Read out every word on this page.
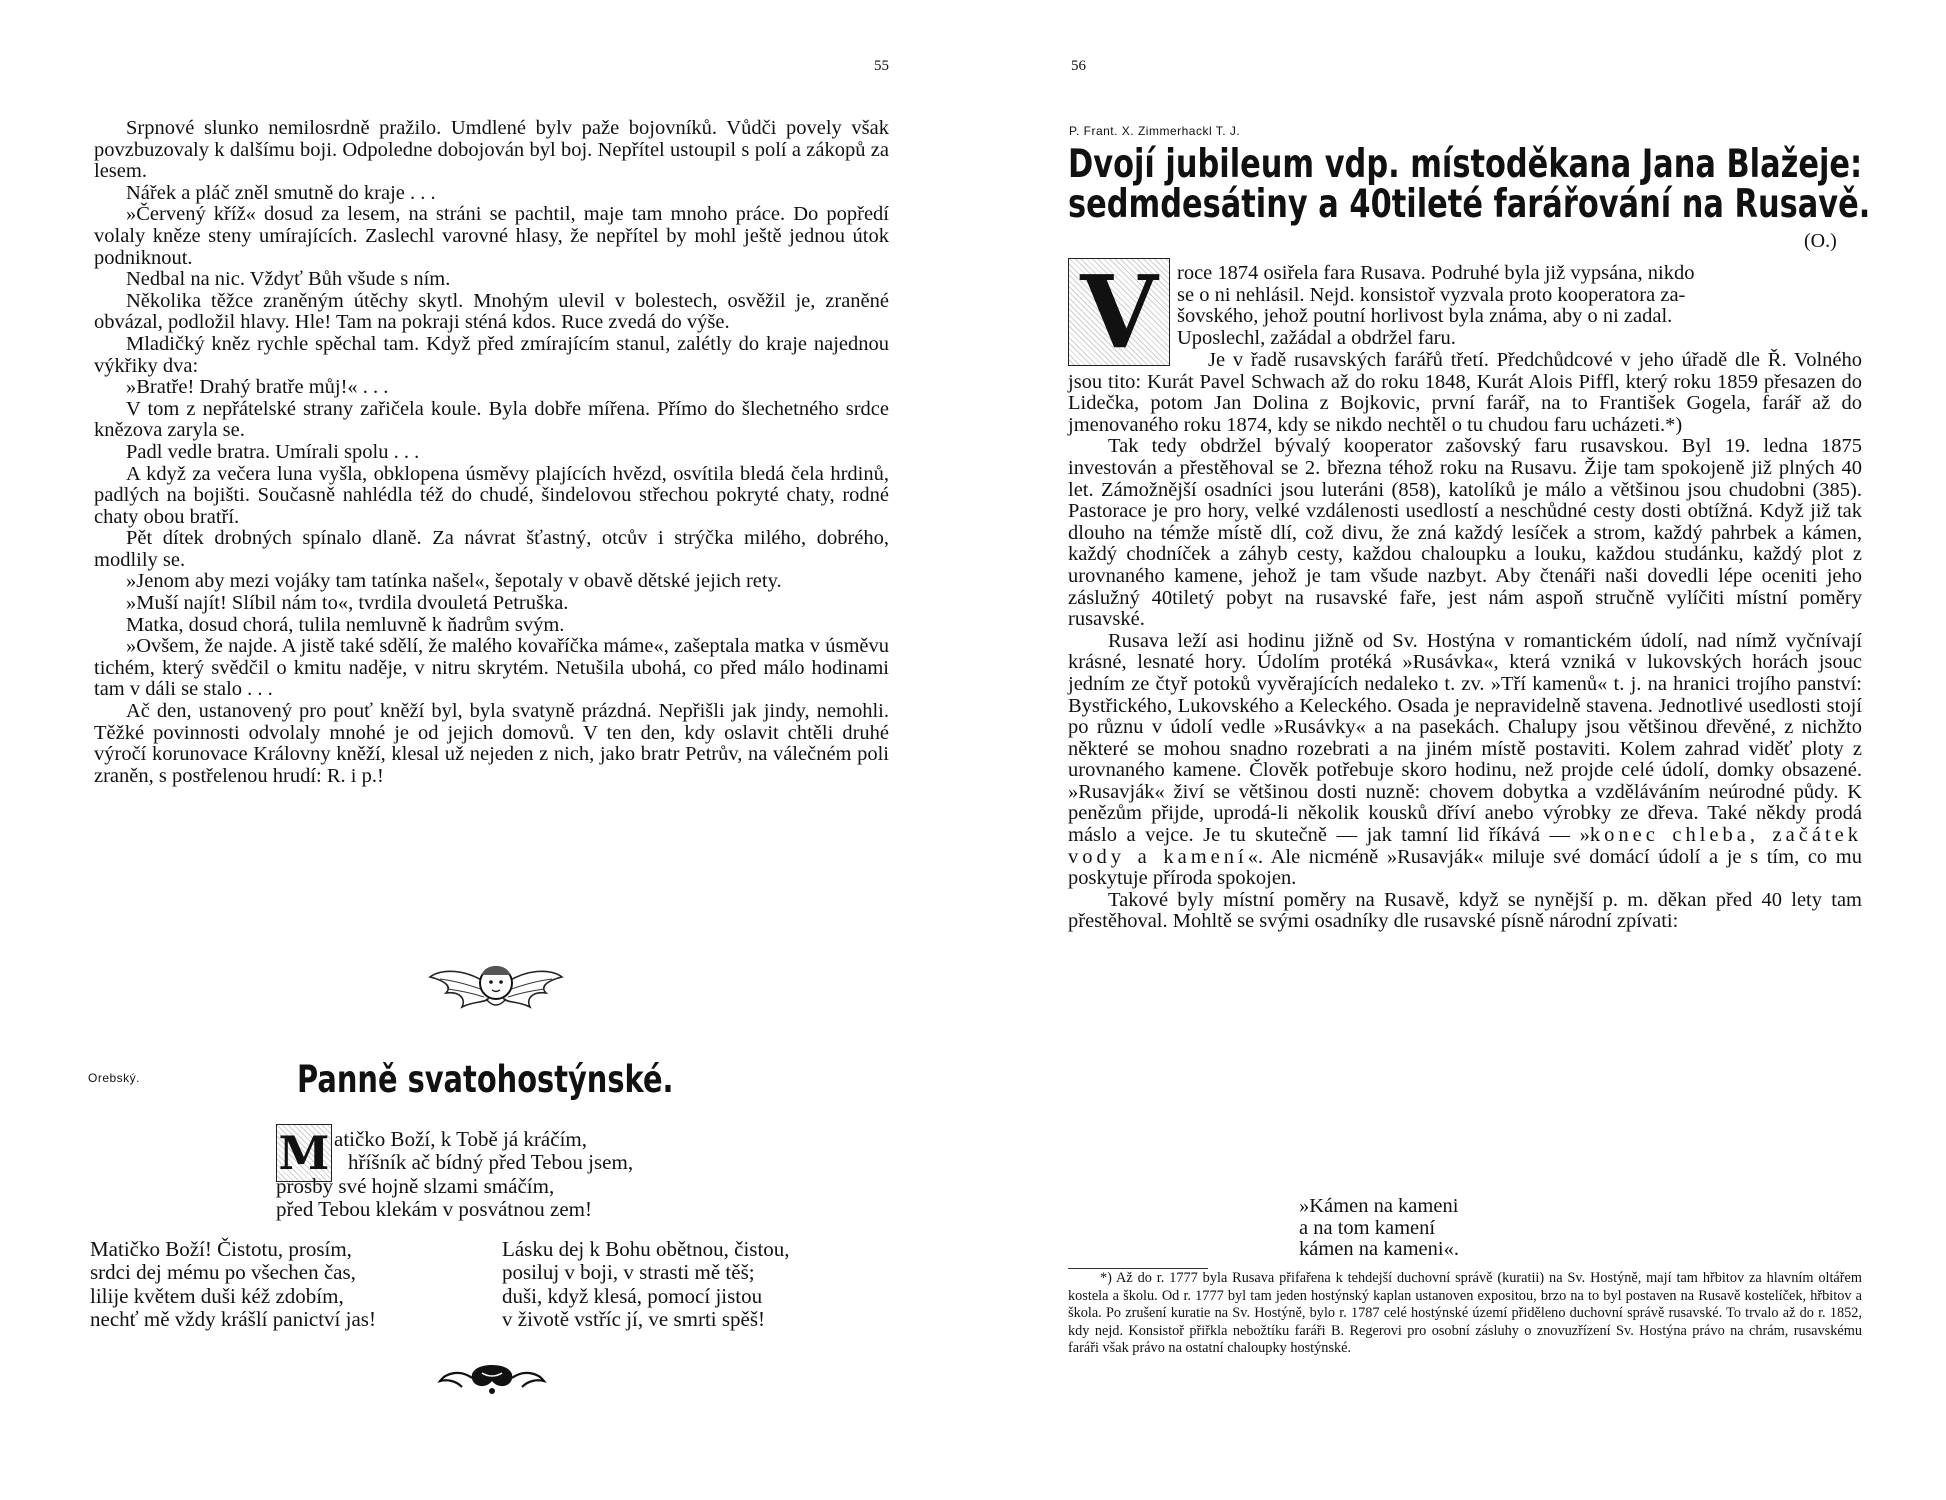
55

Srpnové slunko nemilosrdně pražilo. Umdlené bylv paže bojovníků. Vůdči povely však povzbuzovaly k dalšímu boji. Odpoledne dobojován byl boj. Nepřítel ustoupil s polí a zákopů za lesem.

Nářek a pláč zněl smutně do kraje . . .

»Červený kříž« dosud za lesem, na stráni se pachtil, maje tam mnoho práce. Do popředí volaly kněze steny umírajících. Zaslechl varovné hlasy, že nepřítel by mohl ještě jednou útok podniknout.

Nedbal na nic. Vždyť Bůh všude s ním.

Několika těžce zraněným útěchy skytl. Mnohým ulevil v bolestech, osvěžil je, zraněné obvázal, podložil hlavy. Hle! Tam na pokraji sténá kdos. Ruce zvedá do výše.

Mladičký kněz rychle spěchal tam. Když před zmírajícím stanul, zalétly do kraje najednou výkřiky dva:

»Bratře! Drahý bratře můj!« . . .

V tom z nepřátelské strany zařičela koule. Byla dobře mířena. Přímo do šlechetného srdce knězova zaryla se.

Padl vedle bratra. Umírali spolu . . .

A když za večera luna vyšla, obklopena úsměvy plajících hvězd, osvítila bledá čela hrdinů, padlých na bojišti. Současně nahlédla též do chudé, šindelovou střechou pokryté chaty, rodné chaty obou bratří.

Pět dítek drobných spínalo dlaně. Za návrat šťastný, otcův i strýčka milého, dobrého, modlily se.

»Jenom aby mezi vojáky tam tatínka našel«, šepotaly v obavě dětské jejich rety.

»Muší najít! Slíbil nám to«, tvrdila dvouletá Petruška.

Matka, dosud chorá, tulila nemluvně k ňadrům svým.

»Ovšem, že najde. A jistě také sdělí, že malého kovaříčka máme«, zašeptala matka v úsměvu tichém, který svědčil o kmitu naděje, v nitru skrytém. Netušila ubohá, co před málo hodinami tam v dáli se stalo . . .

Ač den, ustanovený pro pouť kněží byl, byla svatyně prázdná. Nepřišli jak jindy, nemohli. Těžké povinnosti odvolaly mnohé je od jejich domovů. V ten den, kdy oslavit chtěli druhé výročí korunovace Královny kněží, klesal už nejeden z nich, jako bratr Petrův, na válečném poli zraněn, s postřelenou hrudí: R. i p.!

Orebský.	Panně svatohostýnské.
M atičko Boží, k Tobě já kráčím,

hříšník ač bídný před Tebou jsem,

prosby své hojně slzami smáčím,

před Tebou klekám v posvátnou zem!

Matičko Boží! Čistotu, prosím,

srdci dej mému po všechen čas,

lilije květem duši kéž zdobím,

nechť mě vždy krášlí panictví jas!

Lásku dej k Bohu obětnou, čistou,

posiluj v boji, v strasti mě těš;

duši, když klesá, pomocí jistou

v životě vstříc jí, ve smrti spěš!

56
P. Frant. X. Zimmerhackl T. J.
Dvojí jubileum vdp. místoděkana Jana Blažeje:
sedmdesátiny a 40tileté farářování na Rusavě.
(O.)
V roce 1874 osiřela fara Rusava. Podruhé byla již vypsána, nikdo

se o ni nehlásil. Nejd. konsistoř vyzvala proto kooperatora za-

šovského, jehož poutní horlivost byla známa, aby o ni zadal.

Uposlechl, zažádal a obdržel faru.

Je v řadě rusavských farářů třetí. Předchůdcové v jeho úřadě dle Ř. Volného jsou tito: Kurát Pavel Schwach až do roku 1848, Kurát Alois Piffl, který roku 1859 přesazen do Lidečka, potom Jan Dolina z Bojkovic, první farář, na to František Gogela, farář až do jmenovaného roku 1874, kdy se nikdo nechtěl o tu chudou faru ucházeti.*)

Tak tedy obdržel bývalý kooperator zašovský faru rusavskou. Byl 19. ledna 1875 investován a přestěhoval se 2. března téhož roku na Rusavu. Žije tam spokojeně již plných 40 let. Zámožnější osadníci jsou luteráni (858), katolíků je málo a většinou jsou chudobni (385). Pastorace je pro hory, velké vzdálenosti usedlostí a neschůdné cesty dosti obtížná. Když již tak dlouho na témže místě dlí, což divu, že zná každý lesíček a strom, každý pahrbek a kámen, každý chodníček a záhyb cesty, každou chaloupku a louku, každou studánku, každý plot z urovnaného kamene, jehož je tam všude nazbyt. Aby čtenáři naši dovedli lépe oceniti jeho záslužný 40tiletý pobyt na rusavské faře, jest nám aspoň stručně vylíčiti místní poměry rusavské.

Rusava leží asi hodinu jižně od Sv. Hostýna v romantickém údolí, nad nímž vyčnívají krásné, lesnaté hory. Údolím protéká »Rusávka«, která vzniká v lukovských horách jsouc jedním ze čtyř potoků vyvěrajících nedaleko t. zv. »Tří kamenů« t. j. na hranici trojího panství: Bystřického, Lukovského a Keleckého. Osada je nepravidelně stavena. Jednotlivé usedlosti stojí po různu v údolí vedle »Rusávky« a na pasekách. Chalupy jsou většinou dřevěné, z nichžto některé se mohou snadno rozebrati a na jiném místě postaviti. Kolem zahrad viděť ploty z urovnaného kamene. Člověk potřebuje skoro hodinu, než projde celé údolí, domky obsazené. »Rusavják« živí se většinou dosti nuzně: chovem dobytka a vzděláváním neúrodné půdy. K penězům přijde, uprodá-li několik kousků dříví anebo výrobky ze dřeva. Také někdy prodá máslo a vejce. Je tu skutečně — jak tamní lid říkává — »konec chleba, začátek vody a kamení«. Ale nicméně »Rusavják« miluje své domácí údolí a je s tím, co mu poskytuje příroda spokojen.

Takové byly místní poměry na Rusavě, když se nynější p. m. děkan před 40 lety tam přestěhoval. Mohltě se svými osadníky dle rusavské písně národní zpívati:

»Kámen na kameni

a na tom kamení

kámen na kameni«.

*) Až do r. 1777 byla Rusava přifařena k tehdejší duchovní správě (kuratii) na Sv. Hostýně, mají tam hřbitov za hlavním oltářem kostela a školu. Od r. 1777 byl tam jeden hostýnský kaplan ustanoven expositou, brzo na to byl postaven na Rusavě kostelíček, hřbitov a škola. Po zrušení kuratie na Sv. Hostýně, bylo r. 1787 celé hostýnské území přiděleno duchovní správě rusavské. To trvalo až do r. 1852, kdy nejd. Konsistoř přiřkla nebožtíku faráři B. Regerovi pro osobní zásluhy o znovuzřízení Sv. Hostýna právo na chrám, rusavskému faráři však právo na ostatní chaloupky hostýnské.
